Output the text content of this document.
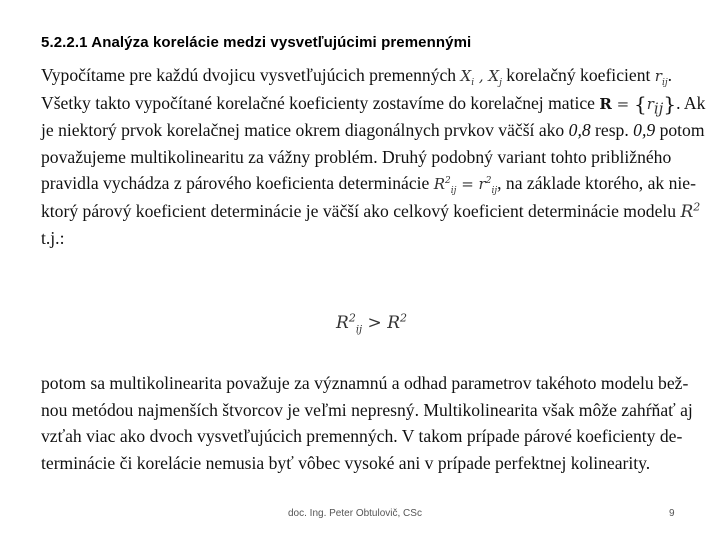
5.2.2.1 Analýza korelácie medzi vysvetľujúcimi premennými
Vypočítame pre každú dvojicu vysvetľujúcich premenných $X_i$ , $X_j$ korelačný koeficient $r_{ij}$.
Všetky takto vypočítané korelačné koeficienty zostavíme do korelačnej matice $R = \{r_{ij}\}$. Ak
je niektorý prvok korelačnej matice okrem diagonálnych prvkov väčší ako 0,8 resp. 0,9 potom
považujeme multikolinearitu za vážny problém. Druhý podobný variant tohto približného
pravidla vychádza z párového koeficienta determinácie $R^2_{ij} = r^2_{ij}$, na základe ktorého, ak nie-
ktorý párový koeficient determinácie je väčší ako celkový koeficient determinácie modelu $R^2$
t.j.:
$R^2_{ij} > R^2$
potom sa multikolinearita považuje za významnú a odhad parametrov takéhoto modelu bež-
nou metódou najmenších štvorcov je veľmi nepresný. Multikolinearita však môže zahŕňať aj
vzťah viac ako dvoch vysvetľujúcich premenných. V takom prípade párové koeficienty de-
terminácie či korelácie nemusia byť vôbec vysoké ani v prípade perfektnej kolinearity.
doc. Ing. Peter Obtulovič, CSc	9
